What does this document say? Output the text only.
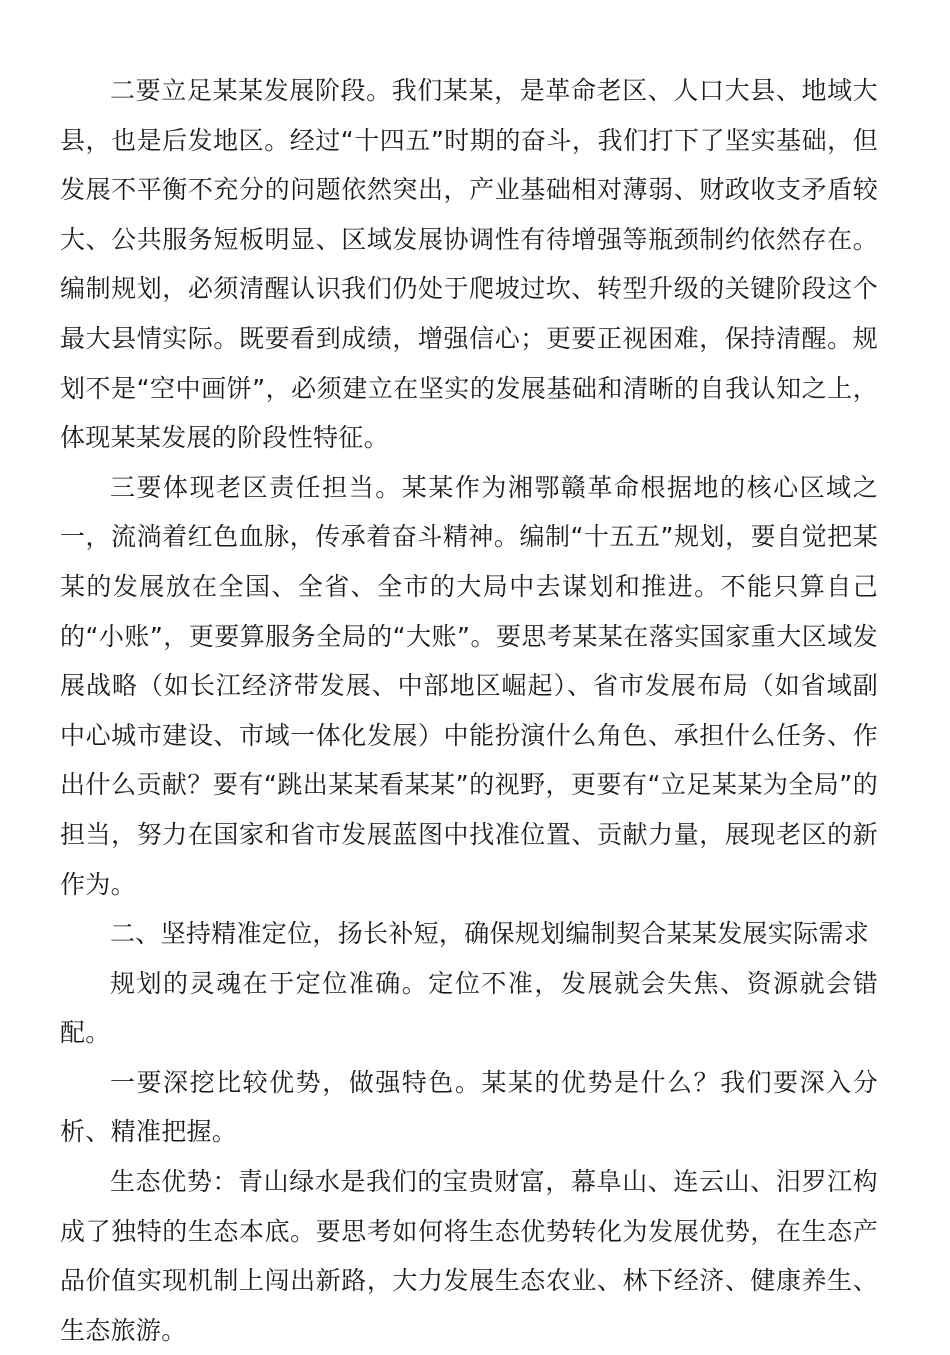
二要立足某某发展阶段。我们某某，是革命老区、人口大县、地域大县，也是后发地区。经过“十四五”时期的奋斗，我们打下了坚实基础，但发展不平衡不充分的问题依然突出，产业基础相对薄弱、财政收支矛盾较大、公共服务短板明显、区域发展协调性有待增强等瓶颈制约依然存在。编制规划，必须清醒认识我们仍处于爬坡过坎、转型升级的关键阶段这个最大县情实际。既要看到成绩，增强信心；更要正视困难，保持清醒。规划不是“空中画饼”，必须建立在坚实的发展基础和清晰的自我认知之上，体现某某发展的阶段性特征。

三要体现老区责任担当。某某作为湘鄂赣革命根据地的核心区域之一，流淌着红色血脉，传承着奋斗精神。编制“十五五”规划，要自觉把某某的发展放在全国、全省、全市的大局中去谋划和推进。不能只算自己的“小账”，更要算服务全局的“大账”。要思考某某在落实国家重大区域发展战略（如长江经济带发展、中部地区崛起）、省市发展布局（如省域副中心城市建设、市域一体化发展）中能扮演什么角色、承担什么任务、作出什么贡献？要有“跳出某某看某某”的视野，更要有“立足某某为全局”的担当，努力在国家和省市发展蓝图中找准位置、贡献力量，展现老区的新作为。

二、坚持精准定位，扬长补短，确保规划编制契合某某发展实际需求

规划的灵魂在于定位准确。定位不准，发展就会失焦、资源就会错配。

一要深挖比较优势，做强特色。某某的优势是什么？我们要深入分析、精准把握。

生态优势：青山绿水是我们的宝贵财富，幕阜山、连云山、汨罗江构成了独特的生态本底。要思考如何将生态优势转化为发展优势，在生态产品价值实现机制上闯出新路，大力发展生态农业、林下经济、健康养生、生态旅游。
